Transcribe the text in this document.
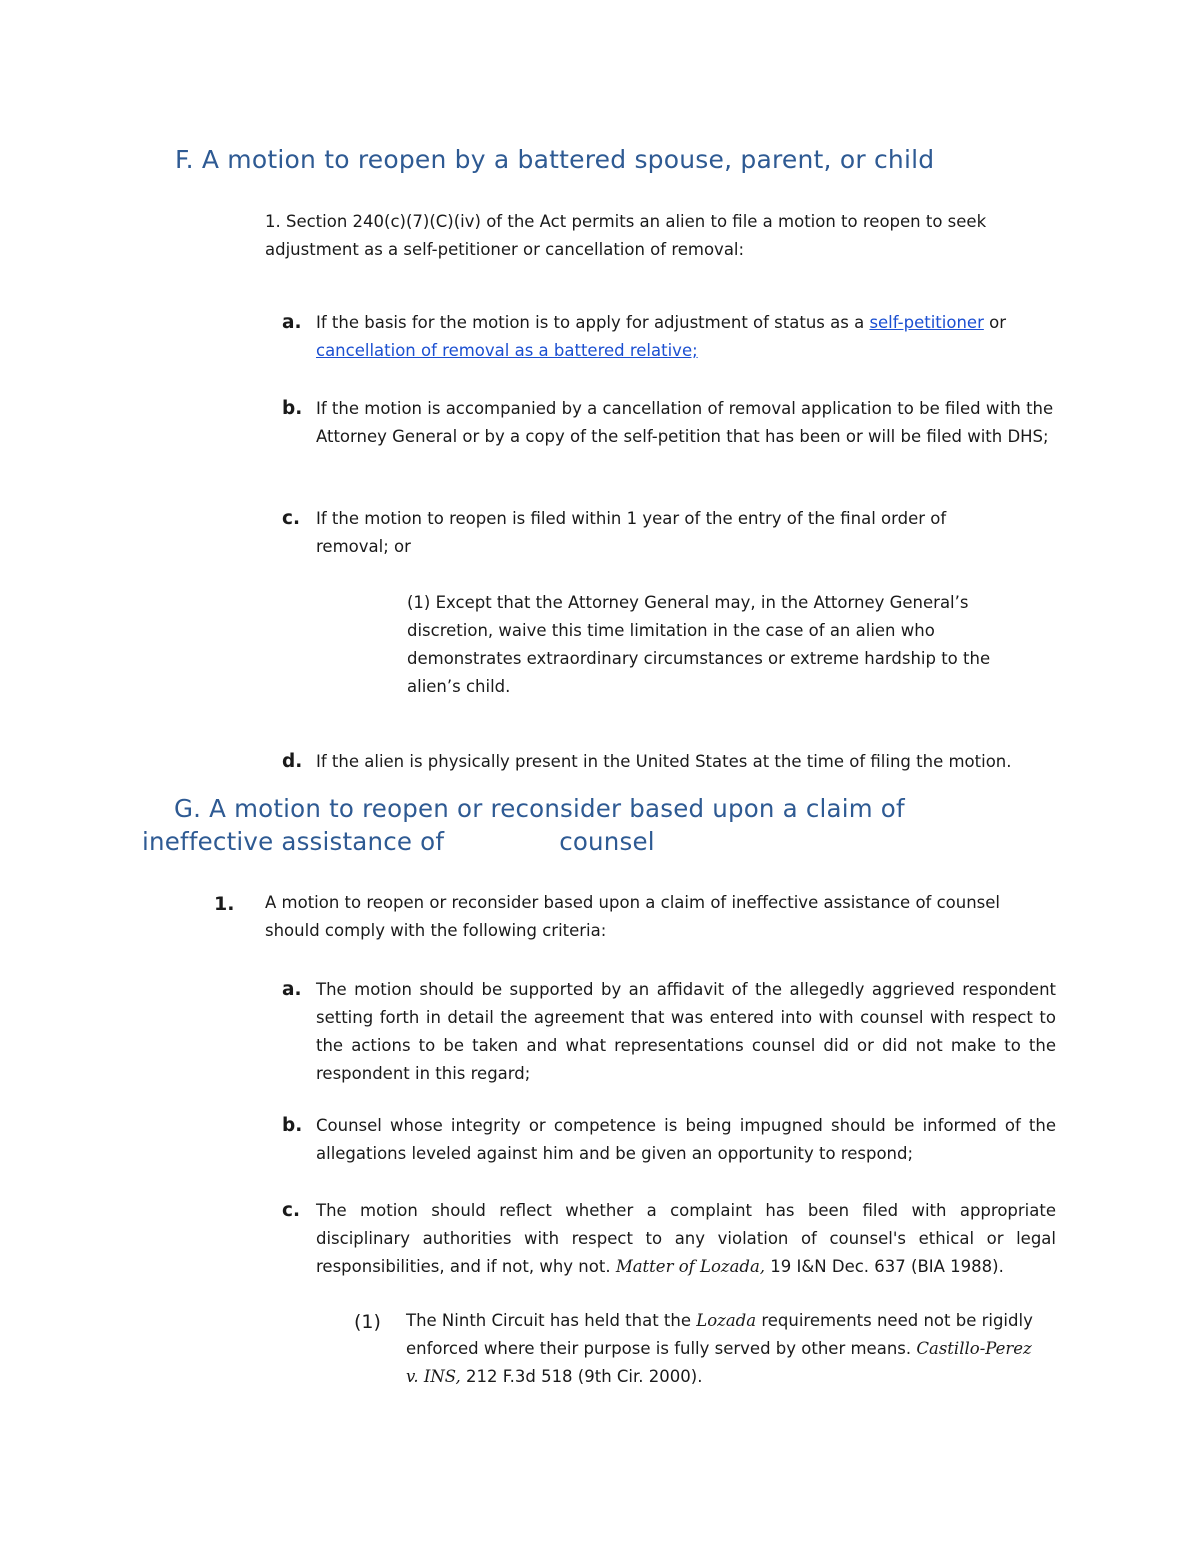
F. A motion to reopen by a battered spouse, parent, or child

1. Section 240(c)(7)(C)(iv) of the Act permits an alien to file a motion to reopen to seek adjustment as a self-petitioner or cancellation of removal:

a. If the basis for the motion is to apply for adjustment of status as a self-petitioner or cancellation of removal as a battered relative;

b. If the motion is accompanied by a cancellation of removal application to be filed with the Attorney General or by a copy of the self-petition that has been or will be filed with DHS;

c. If the motion to reopen is filed within 1 year of the entry of the final order of removal; or

(1) Except that the Attorney General may, in the Attorney General’s discretion, waive this time limitation in the case of an alien who demonstrates extraordinary circumstances or extreme hardship to the alien’s child.

d. If the alien is physically present in the United States at the time of filing the motion.

G. A motion to reopen or reconsider based upon a claim of
ineffective assistance of	counsel
1. A motion to reopen or reconsider based upon a claim of ineffective assistance of counsel should comply with the following criteria:

a. The motion should be supported by an affidavit of the allegedly aggrieved respondent setting forth in detail the agreement that was entered into with counsel with respect to the actions to be taken and what representations counsel did or did not make to the respondent in this regard;

b. Counsel whose integrity or competence is being impugned should be informed of the allegations leveled against him and be given an opportunity to respond;

c. The motion should reflect whether a complaint has been filed with appropriate disciplinary authorities with respect to any violation of counsel's ethical or legal responsibilities, and if not, why not. Matter of Lozada, 19 I&N Dec. 637 (BIA 1988).

(1) The Ninth Circuit has held that the Lozada requirements need not be rigidly enforced where their purpose is fully served by other means. Castillo-Perez v. INS, 212 F.3d 518 (9th Cir. 2000).
